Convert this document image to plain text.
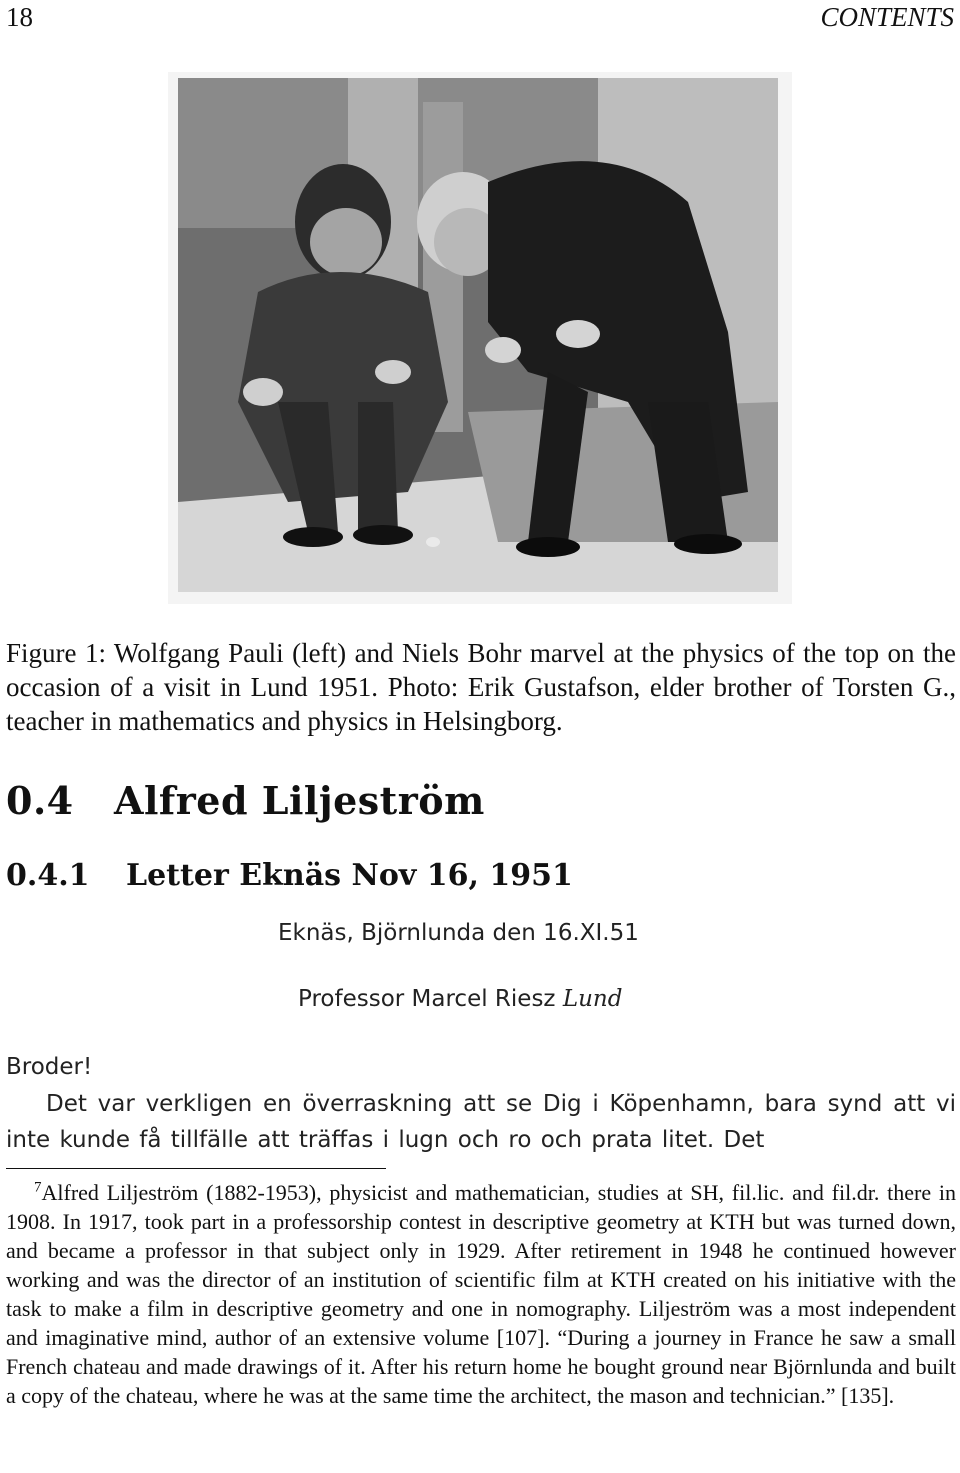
18	CONTENTS
Figure 1: Wolfgang Pauli (left) and Niels Bohr marvel at the physics of the top on the occasion of a visit in Lund 1951. Photo: Erik Gustafson, elder brother of Torsten G., teacher in mathematics and physics in Helsingborg.
0.4 Alfred Liljeström
0.4.1 Letter Eknäs Nov 16, 1951
Eknäs, Björnlunda den 16.XI.51
Professor Marcel Riesz Lund
Broder!
Det var verkligen en överraskning att se Dig i Köpenhamn, bara synd att vi inte kunde få tillfälle att träffas i lugn och ro och prata litet. Det
$^7$Alfred Liljeström (1882-1953), physicist and mathematician, studies at SH, fil.lic. and fil.dr. there in 1908. In 1917, took part in a professorship contest in descriptive geometry at KTH but was turned down, and became a professor in that subject only in 1929. After retirement in 1948 he continued however working and was the director of an institution of scientific film at KTH created on his initiative with the task to make a film in descriptive geometry and one in nomography. Liljeström was a most independent and imaginative mind, author of an extensive volume [107]. “During a journey in France he saw a small French chateau and made drawings of it. After his return home he bought ground near Björnlunda and built a copy of the chateau, where he was at the same time the architect, the mason and technician.” [135].
